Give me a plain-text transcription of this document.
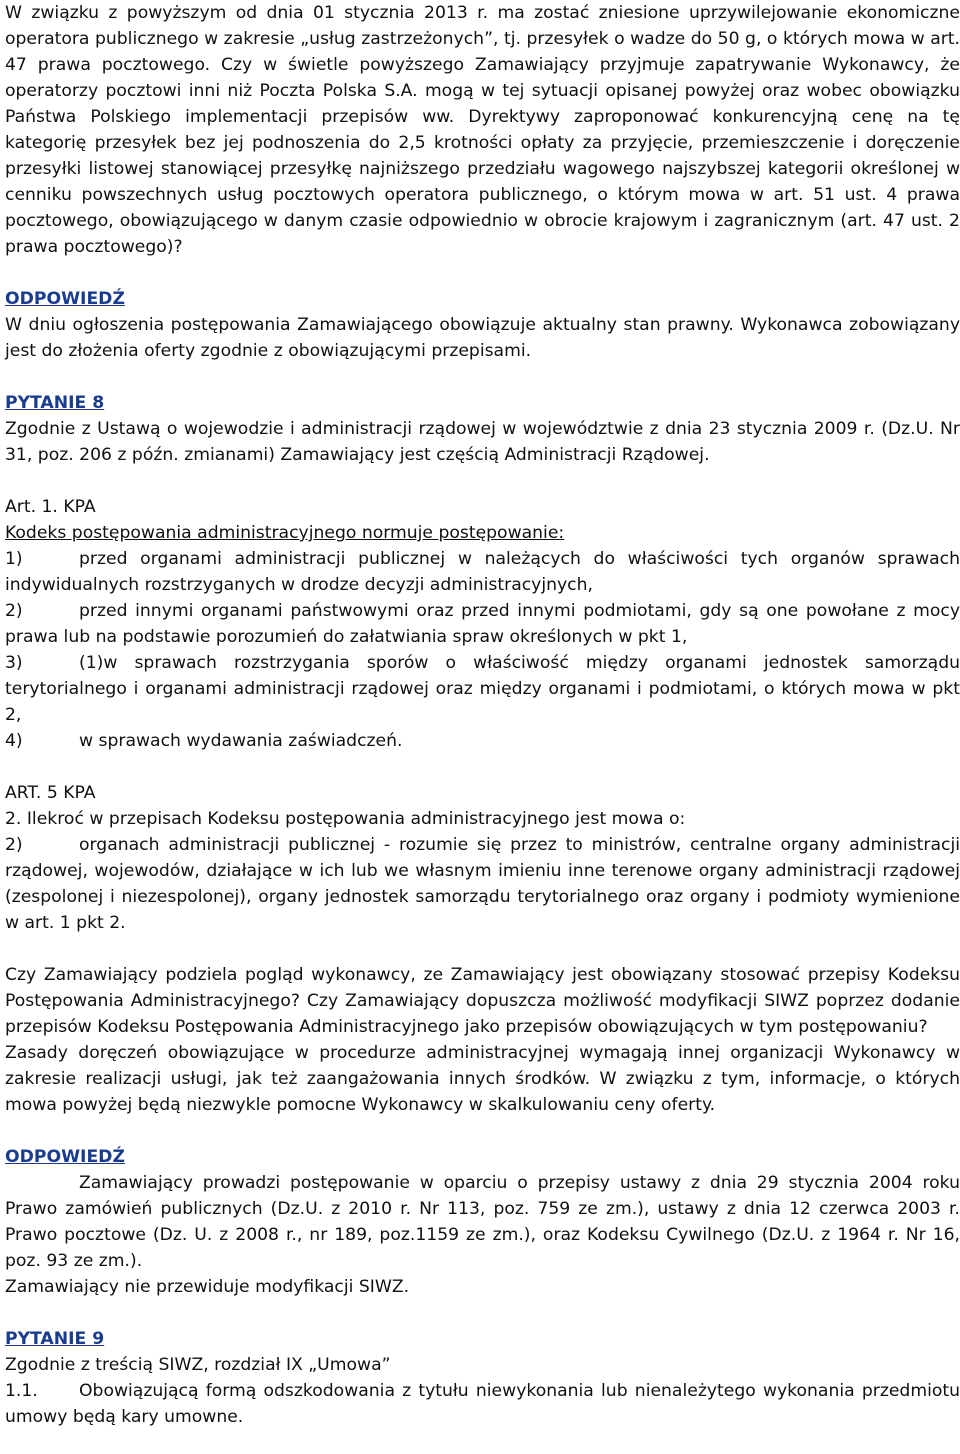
W związku z powyższym od dnia 01 stycznia 2013 r. ma zostać zniesione uprzywilejowanie ekonomiczne operatora publicznego w zakresie „usług zastrzeżonych”, tj. przesyłek o wadze do 50 g, o których mowa w art. 47 prawa pocztowego. Czy w świetle powyższego Zamawiający przyjmuje zapatrywanie Wykonawcy, że operatorzy pocztowi inni niż Poczta Polska S.A. mogą w tej sytuacji opisanej powyżej oraz wobec obowiązku Państwa Polskiego implementacji przepisów ww. Dyrektywy zaproponować konkurencyjną cenę na tę kategorię przesyłek bez jej podnoszenia do 2,5 krotności opłaty za przyjęcie, przemieszczenie i doręczenie przesyłki listowej stanowiącej przesyłkę najniższego przedziału wagowego najszybszej kategorii określonej w cenniku powszechnych usług pocztowych operatora publicznego, o którym mowa w art. 51 ust. 4 prawa pocztowego, obowiązującego w danym czasie odpowiednio w obrocie krajowym i zagranicznym (art. 47 ust. 2 prawa pocztowego)?

ODPOWIEDŹ

W dniu ogłoszenia postępowania Zamawiającego obowiązuje aktualny stan prawny. Wykonawca zobowiązany jest do złożenia oferty zgodnie z obowiązującymi przepisami.

PYTANIE 8

Zgodnie z Ustawą o wojewodzie i administracji rządowej w województwie z dnia 23 stycznia 2009 r. (Dz.U. Nr 31, poz. 206 z późn. zmianami) Zamawiający jest częścią Administracji Rządowej.

Art. 1. KPA

Kodeks postępowania administracyjnego normuje postępowanie:

1)	przed organami administracji publicznej w należących do właściwości tych organów sprawach indywidualnych rozstrzyganych w drodze decyzji administracyjnych,

2)	przed innymi organami państwowymi oraz przed innymi podmiotami, gdy są one powołane z mocy prawa lub na podstawie porozumień do załatwiania spraw określonych w pkt 1,

3)	(1)w sprawach rozstrzygania sporów o właściwość między organami jednostek samorządu terytorialnego i organami administracji rządowej oraz między organami i podmiotami, o których mowa w pkt 2,

4)	w sprawach wydawania zaświadczeń.

ART. 5 KPA

2. Ilekroć w przepisach Kodeksu postępowania administracyjnego jest mowa o:

2)	organach administracji publicznej - rozumie się przez to ministrów, centralne organy administracji rządowej, wojewodów, działające w ich lub we własnym imieniu inne terenowe organy administracji rządowej (zespolonej i niezespolonej), organy jednostek samorządu terytorialnego oraz organy i podmioty wymienione w art. 1 pkt 2.

Czy Zamawiający podziela pogląd wykonawcy, ze Zamawiający jest obowiązany stosować przepisy Kodeksu Postępowania Administracyjnego? Czy Zamawiający dopuszcza możliwość modyfikacji SIWZ poprzez dodanie przepisów Kodeksu Postępowania Administracyjnego jako przepisów obowiązujących w tym postępowaniu?

Zasady doręczeń obowiązujące w procedurze administracyjnej wymagają innej organizacji Wykonawcy w zakresie realizacji usługi, jak też zaangażowania innych środków. W związku z tym, informacje, o których mowa powyżej będą niezwykle pomocne Wykonawcy w skalkulowaniu ceny oferty.

ODPOWIEDŹ

Zamawiający prowadzi postępowanie w oparciu o przepisy ustawy z dnia 29 stycznia 2004 roku Prawo zamówień publicznych (Dz.U. z 2010 r. Nr 113, poz. 759 ze zm.), ustawy z dnia 12 czerwca 2003 r. Prawo pocztowe (Dz. U. z 2008 r., nr 189, poz.1159 ze zm.), oraz Kodeksu Cywilnego (Dz.U. z 1964 r. Nr 16, poz. 93 ze zm.).

Zamawiający nie przewiduje modyfikacji SIWZ.

PYTANIE 9

Zgodnie z treścią SIWZ, rozdział IX „Umowa”

1.1. Obowiązującą formą odszkodowania z tytułu niewykonania lub nienależytego wykonania przedmiotu umowy będą kary umowne.
